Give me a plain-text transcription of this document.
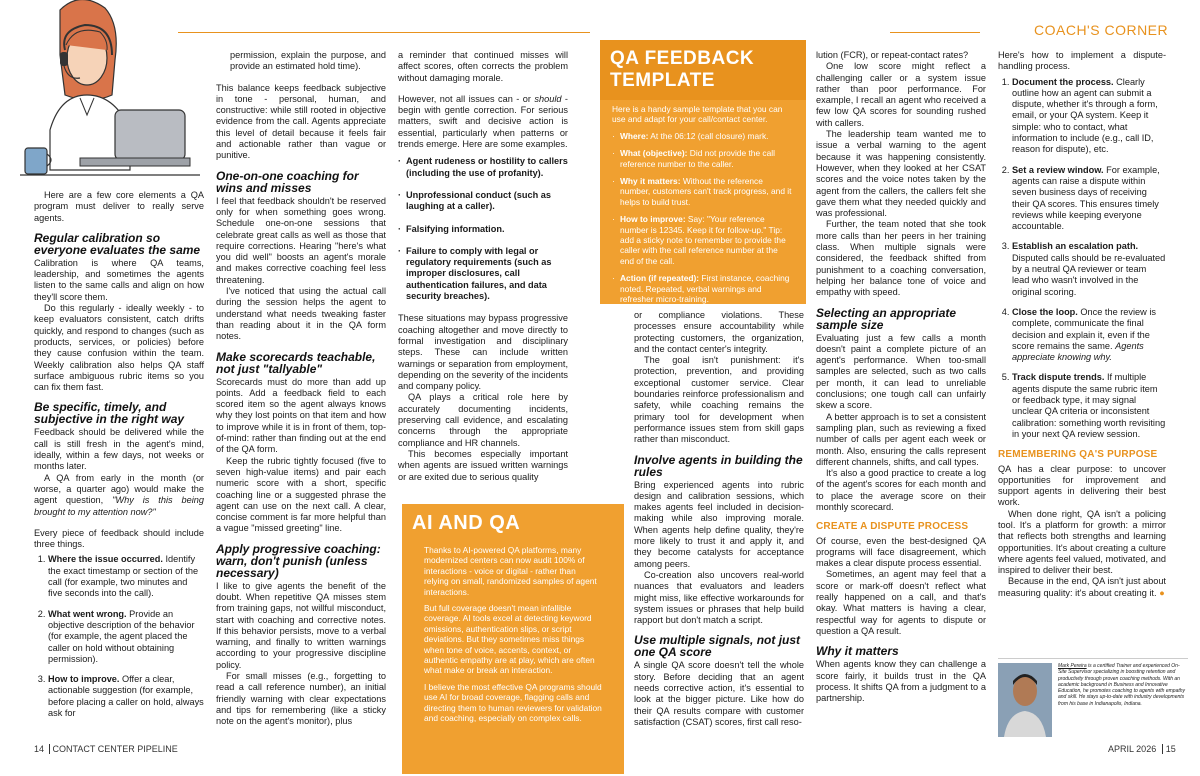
COACH'S CORNER

Here are a few core elements a QA program must deliver to really serve agents.

Regular calibration so everyone evaluates the same

Calibration is where QA teams, leadership, and sometimes the agents listen to the same calls and align on how they'll score them.

Do this regularly - ideally weekly - to keep evaluators consistent, catch drifts quickly, and respond to changes (such as products, services, or policies) before they cause confusion within the team. Weekly calibration also helps QA staff surface ambiguous rubric items so you can fix them fast.

Be specific, timely, and subjective in the right way

Feedback should be delivered while the call is still fresh in the agent's mind, ideally, within a few days, not weeks or months later.

A QA from early in the month (or worse, a quarter ago) would make the agent question, "Why is this being brought to my attention now?"

Every piece of feedback should include three things.

1. Where the issue occurred. Identify the exact timestamp or section of the call (for example, two minutes and five seconds into the call).
2. What went wrong. Provide an objective description of the behavior (for example, the agent placed the caller on hold without obtaining permission).
3. How to improve. Offer a clear, actionable suggestion (for example, before placing a caller on hold, always ask for

permission, explain the purpose, and provide an estimated hold time).

This balance keeps feedback subjective in tone - personal, human, and constructive: while still rooted in objective evidence from the call. Agents appreciate this level of detail because it feels fair and actionable rather than vague or punitive.

One-on-one coaching for wins and misses

I feel that feedback shouldn't be reserved only for when something goes wrong. Schedule one-on-one sessions that celebrate great calls as well as those that require corrections. Hearing "here's what you did well" boosts an agent's morale and makes corrective coaching feel less threatening.

I've noticed that using the actual call during the session helps the agent to understand what needs tweaking faster than reading about it in the QA form notes.

Make scorecards teachable, not just "tallyable"

Scorecards must do more than add up points. Add a feedback field to each scored item so the agent always knows why they lost points on that item and how to improve while it is in front of them, top-of-mind: rather than finding out at the end of the QA form.

Keep the rubric tightly focused (five to seven high-value items) and pair each numeric score with a short, specific coaching line or a suggested phrase the agent can use on the next call. A clear, concise comment is far more helpful than a vague "missed greeting" line.

Apply progressive coaching: warn, don't punish (unless necessary)

I like to give agents the benefit of the doubt. When repetitive QA misses stem from training gaps, not willful misconduct, start with coaching and corrective notes. If this behavior persists, move to a verbal warning, and finally to written warnings according to your progressive discipline policy.

For small misses (e.g., forgetting to read a call reference number), an initial friendly warning with clear expectations and tips for remembering (like a sticky note on the agent's monitor), plus

a reminder that continued misses will affect scores, often corrects the problem without damaging morale.

However, not all issues can - or should - begin with gentle correction. For serious matters, swift and decisive action is essential, particularly when patterns or trends emerge. Here are some examples.

· Agent rudeness or hostility to callers (including the use of profanity).
· Unprofessional conduct (such as laughing at a caller).
· Falsifying information.
· Failure to comply with legal or regulatory requirements (such as improper disclosures, call authentication failures, and data security breaches).

These situations may bypass progressive coaching altogether and move directly to formal investigation and disciplinary steps. These can include written warnings or separation from employment, depending on the severity of the incidents and company policy.

QA plays a critical role here by accurately documenting incidents, preserving call evidence, and escalating concerns through the appropriate compliance and HR channels.

This becomes especially important when agents are issued written warnings or are exited due to serious quality

QA FEEDBACK TEMPLATE

Here is a handy sample template that you can use and adapt for your call/contact center.

· Where: At the 06:12 (call closure) mark.
· What (objective): Did not provide the call reference number to the caller.
· Why it matters: Without the reference number, customers can't track progress, and it helps to build trust.
· How to improve: Say: "Your reference number is 12345. Keep it for follow-up." Tip: add a sticky note to remember to provide the caller with the call reference number at the end of the call.
· Action (if repeated): First instance, coaching noted. Repeated, verbal warnings and refresher micro-training.

or compliance violations. These processes ensure accountability while protecting customers, the organization, and the contact center's integrity.

The goal isn't punishment: it's protection, prevention, and providing exceptional customer service. Clear boundaries reinforce professionalism and safety, while coaching remains the primary tool for development when performance issues stem from skill gaps rather than misconduct.

Involve agents in building the rules

Bring experienced agents into rubric design and calibration sessions, which makes agents feel included in decision-making while also improving morale. When agents help define quality, they're more likely to trust it and apply it, and they become catalysts for acceptance among peers.

Co-creation also uncovers real-world nuances that evaluators and leaders might miss, like effective workarounds for system issues or phrases that help build rapport but don't match a script.

Use multiple signals, not just one QA score

A single QA score doesn't tell the whole story. Before deciding that an agent needs corrective action, it's essential to look at the bigger picture. Like how do their QA results compare with customer satisfaction (CSAT) scores, first call reso-

AI AND QA

Thanks to AI-powered QA platforms, many modernized centers can now audit 100% of interactions - voice or digital - rather than relying on small, randomized samples of agent interactions.

But full coverage doesn't mean infallible coverage. AI tools excel at detecting keyword omissions, authentication slips, or script deviations. But they sometimes miss things when tone of voice, accents, context, or authentic empathy are at play, which are often what make or break an interaction.

I believe the most effective QA programs should use AI for broad coverage, flagging calls and directing them to human reviewers for validation and coaching, especially on complex calls.

lution (FCR), or repeat-contact rates?

One low score might reflect a challenging caller or a system issue rather than poor performance. For example, I recall an agent who received a few low QA scores for sounding rushed with callers.

The leadership team wanted me to issue a verbal warning to the agent because it was happening consistently. However, when they looked at her CSAT scores and the voice notes taken by the agent from the callers, the callers felt she gave them what they needed quickly and was professional.

Further, the team noted that she took more calls than her peers in her training class. When multiple signals were considered, the feedback shifted from punishment to a coaching conversation, helping her balance tone of voice and empathy with speed.

Selecting an appropriate sample size

Evaluating just a few calls a month doesn't paint a complete picture of an agent's performance. When too-small samples are selected, such as two calls per month, it can lead to unreliable conclusions; one tough call can unfairly skew a score.

A better approach is to set a consistent sampling plan, such as reviewing a fixed number of calls per agent each week or month. Also, ensuring the calls represent different channels, shifts, and call types.

It's also a good practice to create a log of the agent's scores for each month and to place the average score on their monthly scorecard.

CREATE A DISPUTE PROCESS

Of course, even the best-designed QA programs will face disagreement, which makes a clear dispute process essential.

Sometimes, an agent may feel that a score or mark-off doesn't reflect what really happened on a call, and that's okay. What matters is having a clear, respectful way for agents to dispute or question a QA result.

Why it matters

When agents know they can challenge a score fairly, it builds trust in the QA process. It shifts QA from a judgment to a partnership.

Here's how to implement a dispute-handling process.

1. Document the process. Clearly outline how an agent can submit a dispute, whether it's through a form, email, or your QA system. Keep it simple: who to contact, what information to include (e.g., call ID, reason for dispute), etc.
2. Set a review window. For example, agents can raise a dispute within seven business days of receiving their QA scores. This ensures timely reviews while keeping everyone accountable.
3. Establish an escalation path. Disputed calls should be re-evaluated by a neutral QA reviewer or team lead who wasn't involved in the original scoring.
4. Close the loop. Once the review is complete, communicate the final decision and explain it, even if the score remains the same. Agents appreciate knowing why.
5. Track dispute trends. If multiple agents dispute the same rubric item or feedback type, it may signal unclear QA criteria or inconsistent calibration: something worth revisiting in your next QA review session.
REMEMBERING QA'S PURPOSE

QA has a clear purpose: to uncover opportunities for improvement and support agents in delivering their best work.

When done right, QA isn't a policing tool. It's a platform for growth: a mirror that reflects both strengths and learning opportunities. It's about creating a culture where agents feel valued, motivated, and inspired to deliver their best.

Because in the end, QA isn't just about measuring quality: it's about creating it. ●

Mark Pereira is a certified Trainer and experienced On-Site Supervisor specializing in boosting retention and productivity through proven coaching methods. With an academic background in Business and Innovative Education, he promotes coaching to agents with empathy and skill. He stays up-to-date with industry developments from his base in Indianapolis, Indiana.
14 CONTACT CENTER PIPELINE	APRIL 2026 15
